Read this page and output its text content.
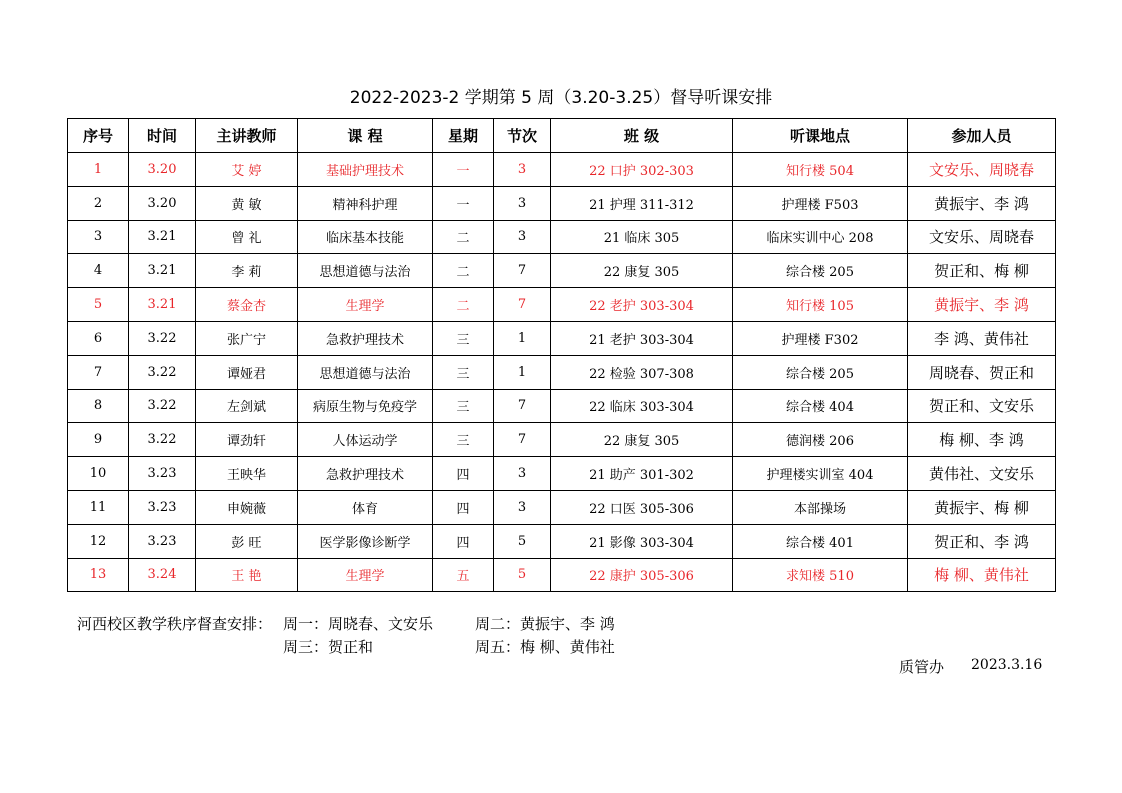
2022-2023-2 学期第 5 周（3.20-3.25）督导听课安排
序号	时间	主讲教师	课 程	星期	节次	班 级	听课地点	参加人员
1	3.20	艾 婷	基础护理技术	一	3	22 口护 302-303	知行楼 504	文安乐、周晓春
2	3.20	黄 敏	精神科护理	一	3	21 护理 311-312	护理楼 F503	黄振宇、李 鸿
3	3.21	曾 礼	临床基本技能	二	3	21 临床 305	临床实训中心 208	文安乐、周晓春
4	3.21	李 莉	思想道德与法治	二	7	22 康复 305	综合楼 205	贺正和、梅 柳
5	3.21	蔡金杏	生理学	二	7	22 老护 303-304	知行楼 105	黄振宇、李 鸿
6	3.22	张广宁	急救护理技术	三	1	21 老护 303-304	护理楼 F302	李 鸿、黄伟社
7	3.22	谭娅君	思想道德与法治	三	1	22 检验 307-308	综合楼 205	周晓春、贺正和
8	3.22	左剑斌	病原生物与免疫学	三	7	22 临床 303-304	综合楼 404	贺正和、文安乐
9	3.22	谭劲轩	人体运动学	三	7	22 康复 305	德润楼 206	梅 柳、李 鸿
10	3.23	王映华	急救护理技术	四	3	21 助产 301-302	护理楼实训室 404	黄伟社、文安乐
11	3.23	申婉薇	体育	四	3	22 口医 305-306	本部操场	黄振宇、梅 柳
12	3.23	彭 旺	医学影像诊断学	四	5	21 影像 303-304	综合楼 401	贺正和、李 鸿
13	3.24	王 艳	生理学	五	5	22 康护 305-306	求知楼 510	梅 柳、黄伟社
河西校区教学秩序督查安排： 周一：周晓春、文安乐	周二：黄振宇、李 鸿
周三：贺正和	周五：梅 柳、黄伟社
质管办 2023.3.16
